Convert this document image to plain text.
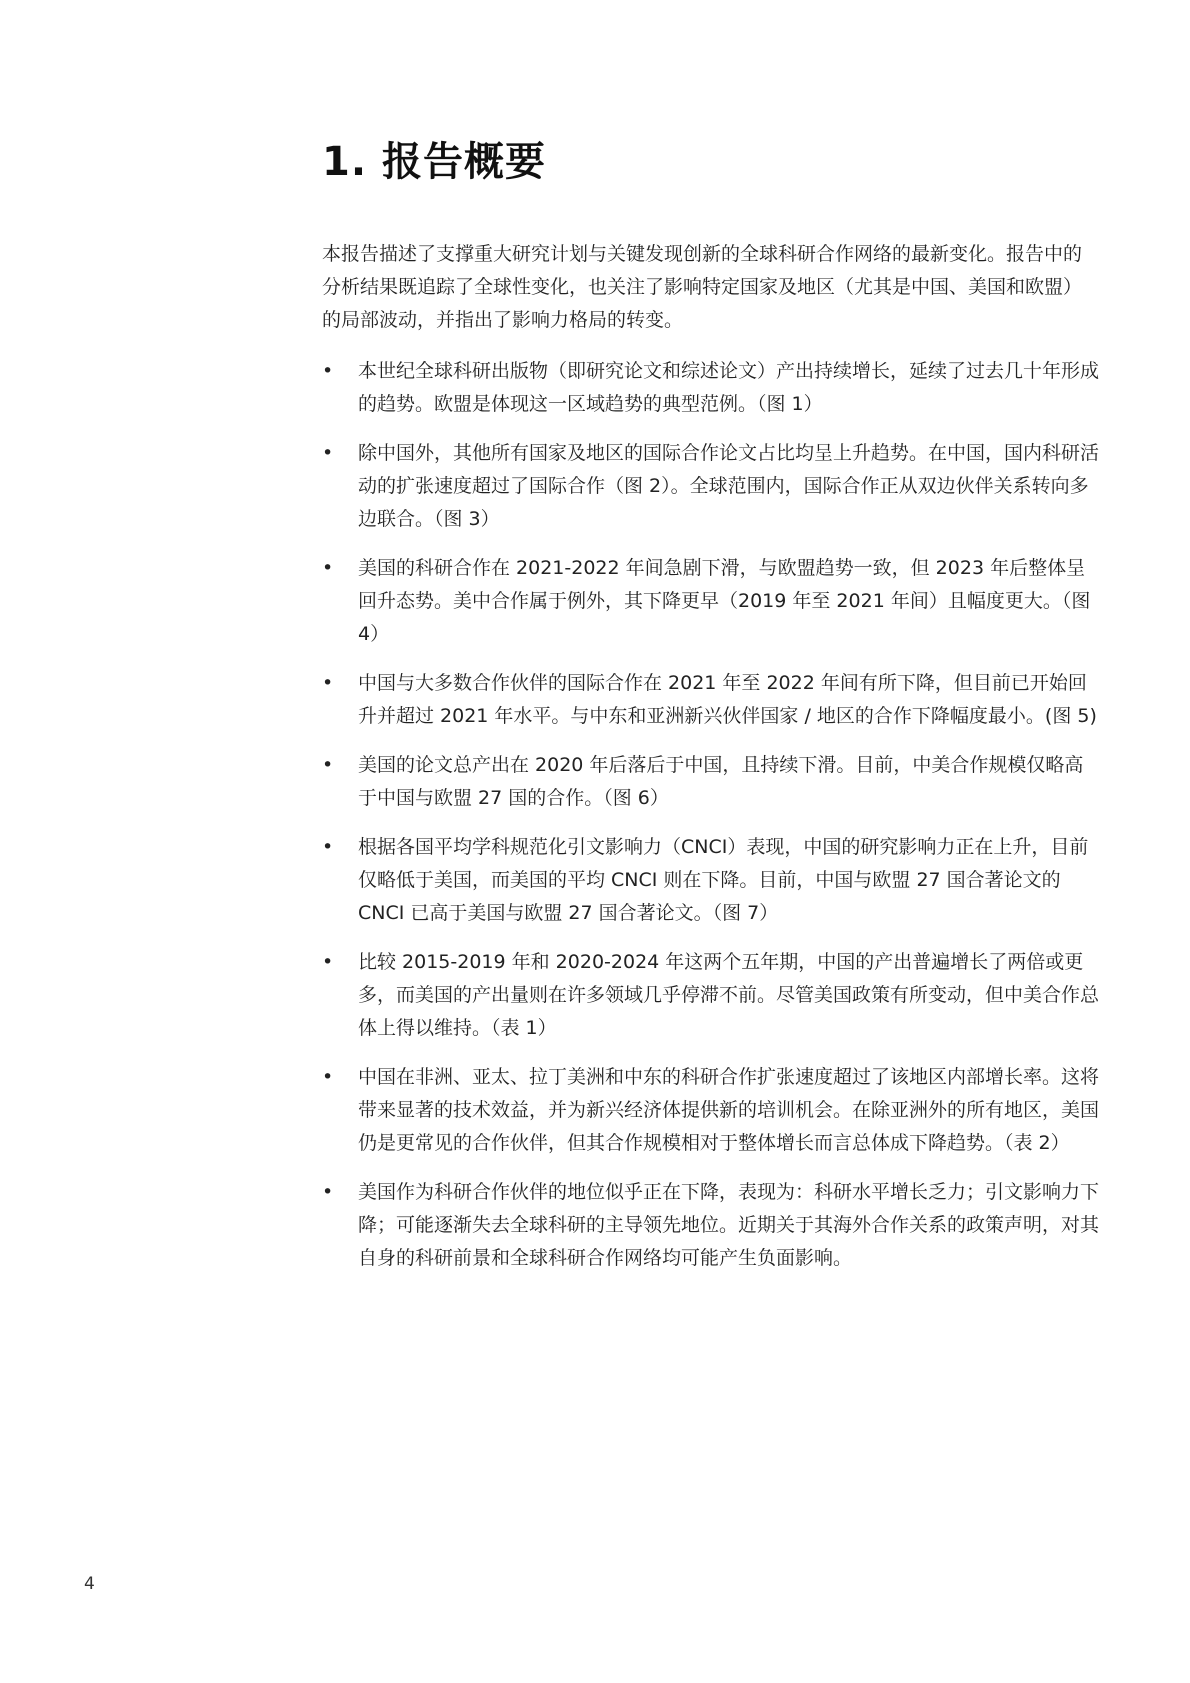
1. 报告概要

本报告描述了支撑重大研究计划与关键发现创新的全球科研合作网络的最新变化。报告中的分析结果既追踪了全球性变化，也关注了影响特定国家及地区（尤其是中国、美国和欧盟）的局部波动，并指出了影响力格局的转变。

• 本世纪全球科研出版物（即研究论文和综述论文）产出持续增长，延续了过去几十年形成的趋势。欧盟是体现这一区域趋势的典型范例。（图 1）
• 除中国外，其他所有国家及地区的国际合作论文占比均呈上升趋势。在中国，国内科研活动的扩张速度超过了国际合作（图 2）。全球范围内，国际合作正从双边伙伴关系转向多边联合。（图 3）
• 美国的科研合作在 2021-2022 年间急剧下滑，与欧盟趋势一致，但 2023 年后整体呈回升态势。美中合作属于例外，其下降更早（2019 年至 2021 年间）且幅度更大。（图 4）
• 中国与大多数合作伙伴的国际合作在 2021 年至 2022 年间有所下降，但目前已开始回升并超过 2021 年水平。与中东和亚洲新兴伙伴国家 / 地区的合作下降幅度最小。(图 5)
• 美国的论文总产出在 2020 年后落后于中国，且持续下滑。目前，中美合作规模仅略高于中国与欧盟 27 国的合作。（图 6）
• 根据各国平均学科规范化引文影响力（CNCI）表现，中国的研究影响力正在上升，目前仅略低于美国，而美国的平均 CNCI 则在下降。目前，中国与欧盟 27 国合著论文的 CNCI 已高于美国与欧盟 27 国合著论文。（图 7）
• 比较 2015-2019 年和 2020-2024 年这两个五年期，中国的产出普遍增长了两倍或更多，而美国的产出量则在许多领域几乎停滞不前。尽管美国政策有所变动，但中美合作总体上得以维持。（表 1）
• 中国在非洲、亚太、拉丁美洲和中东的科研合作扩张速度超过了该地区内部增长率。这将带来显著的技术效益，并为新兴经济体提供新的培训机会。在除亚洲外的所有地区，美国仍是更常见的合作伙伴，但其合作规模相对于整体增长而言总体成下降趋势。（表 2）
• 美国作为科研合作伙伴的地位似乎正在下降，表现为：科研水平增长乏力；引文影响力下降；可能逐渐失去全球科研的主导领先地位。近期关于其海外合作关系的政策声明，对其自身的科研前景和全球科研合作网络均可能产生负面影响。
4
